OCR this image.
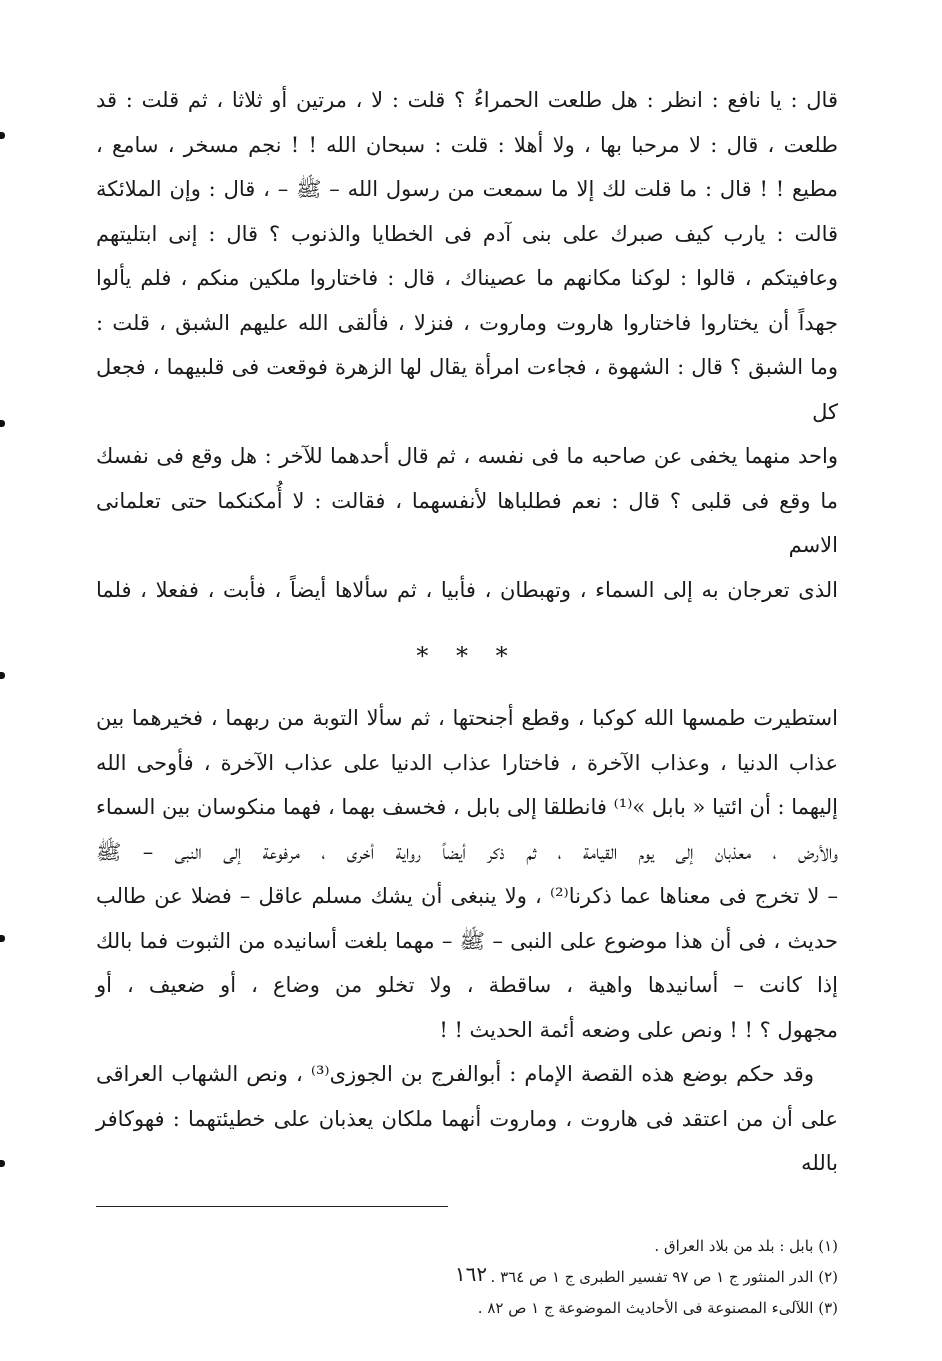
قال : يا نافع : انظر : هل طلعت الحمراءُ ؟ قلت : لا ، مرتين أو ثلاثا ، ثم قلت : قد

طلعت ، قال : لا مرحبا بها ، ولا أهلا : قلت : سبحان الله ! ! نجم مسخر ، سامع ،

مطيع ! ! قال : ما قلت لك إلا ما سمعت من رسول الله – ﷺ – ، قال : وإن الملائكة

قالت : يارب كيف صبرك على بنى آدم فى الخطايا والذنوب ؟ قال : إنى ابتليتهم

وعافيتكم ، قالوا : لوكنا مكانهم ما عصيناك ، قال : فاختاروا ملكين منكم ، فلم يألوا

جهداً أن يختاروا فاختاروا هاروت وماروت ، فنزلا ، فألقى الله عليهم الشبق ، قلت :

وما الشبق ؟ قال : الشهوة ، فجاءت امرأة يقال لها الزهرة فوقعت فى قلبيهما ، فجعل كل

واحد منهما يخفى عن صاحبه ما فى نفسه ، ثم قال أحدهما للآخر : هل وقع فى نفسك

ما وقع فى قلبى ؟ قال : نعم فطلباها لأنفسهما ، فقالت : لا أُمكنكما حتى تعلمانى الاسم

الذى تعرجان به إلى السماء ، وتهبطان ، فأبيا ، ثم سألاها أيضاً ، فأبت ، ففعلا ، فلما

* * *

استطيرت طمسها الله كوكبا ، وقطع أجنحتها ، ثم سألا التوبة من ربهما ، فخيرهما بين

عذاب الدنيا ، وعذاب الآخرة ، فاختارا عذاب الدنيا على عذاب الآخرة ، فأوحى الله

إليهما : أن ائتيا « بابل »⁽¹⁾ فانطلقا إلى بابل ، فخسف بهما ، فهما منكوسان بين السماء

والأرض ، معذبان إلى يوم القيامة ، ثم ذكر أيضاً رواية أخرى ، مرفوعة إلى النبى – ﷺ

– لا تخرج فى معناها عما ذكرنا⁽²⁾ ، ولا ينبغى أن يشك مسلم عاقل – فضلا عن طالب

حديث ، فى أن هذا موضوع على النبى – ﷺ – مهما بلغت أسانيده من الثبوت فما بالك

إذا كانت – أسانيدها واهية ، ساقطة ، ولا تخلو من وضاع ، أو ضعيف ، أو

مجهول ؟ ! ! ونص على وضعه أئمة الحديث ! !

وقد حكم بوضع هذه القصة الإمام : أبوالفرج بن الجوزى⁽³⁾ ، ونص الشهاب العراقى

على أن من اعتقد فى هاروت ، وماروت أنهما ملكان يعذبان على خطيئتهما : فهوكافر بالله

(١) بابل : بلد من بلاد العراق .

(٢) الدر المنثور ج ١ ص ٩٧ تفسير الطبرى ج ١ ص ٣٦٤ .

(٣) اللآلىء المصنوعة فى الأحاديث الموضوعة ج ١ ص ٨٢ .

١٦٢
